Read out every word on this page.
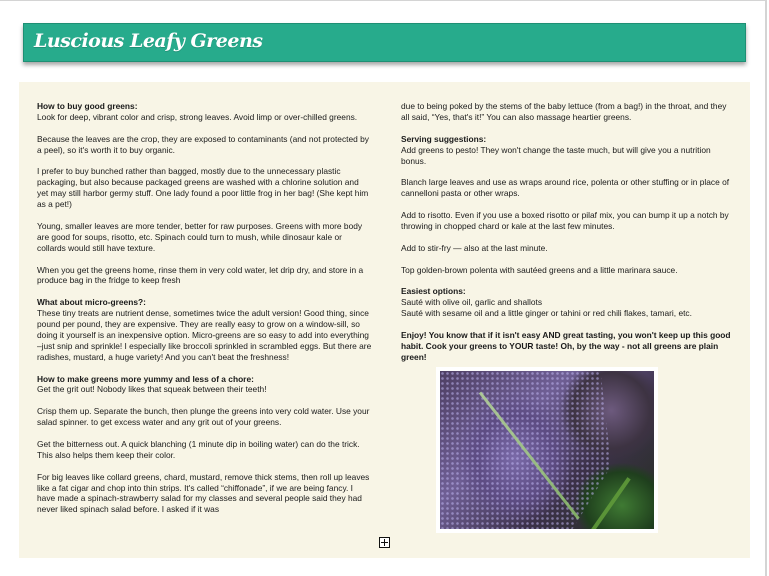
Luscious Leafy Greens
How to buy good greens:
Look for deep, vibrant color and crisp, strong leaves. Avoid limp or over-chilled greens.
Because the leaves are the crop, they are exposed to contaminants (and not protected by a peel), so it's worth it to buy organic.
I prefer to buy bunched rather than bagged, mostly due to the unnecessary plastic packaging, but also because packaged greens are washed with a chlorine solution and yet may still harbor germy stuff. One lady found a poor little frog in her bag! (She kept him as a pet!)
Young, smaller leaves are more tender, better for raw purposes. Greens with more body are good for soups, risotto, etc. Spinach could turn to mush, while dinosaur kale or collards would still have texture.
When you get the greens home, rinse them in very cold water, let drip dry, and store in a produce bag in the fridge to keep fresh
What about micro-greens?:
These tiny treats are nutrient dense, sometimes twice the adult version! Good thing, since pound per pound, they are expensive. They are really easy to grow on a window-sill, so doing it yourself is an inexpensive option. Micro-greens are so easy to add into everything –just snip and sprinkle! I especially like broccoli sprinkled in scrambled eggs. But there are radishes, mustard, a huge variety! And you can't beat the freshness!
How to make greens more yummy and less of a chore:
Get the grit out! Nobody likes that squeak between their teeth!
Crisp them up. Separate the bunch, then plunge the greens into very cold water. Use your salad spinner. to get excess water and any grit out of your greens.
Get the bitterness out. A quick blanching (1 minute dip in boiling water) can do the trick. This also helps them keep their color.
For big leaves like collard greens, chard, mustard, remove thick stems, then roll up leaves like a fat cigar and chop into thin strips. It's called “chiffonade”, if we are being fancy. I have made a spinach-strawberry salad for my classes and several people said they had never liked spinach salad before. I asked if it was
due to being poked by the stems of the baby lettuce (from a bag!) in the throat, and they all said, “Yes, that's it!” You can also massage heartier greens.
Serving suggestions:
Add greens to pesto! They won't change the taste much, but will give you a nutrition bonus.
Blanch large leaves and use as wraps around rice, polenta or other stuffing or in place of cannelloni pasta or other wraps.
Add to risotto. Even if you use a boxed risotto or pilaf mix, you can bump it up a notch by throwing in chopped chard or kale at the last few minutes.
Add to stir-fry — also at the last minute.
Top golden-brown polenta with sautéed greens and a little marinara sauce.
Easiest options:
Sauté with olive oil, garlic and shallots
Sauté with sesame oil and a little ginger or tahini or red chili flakes, tamari, etc.
Enjoy! You know that if it isn't easy AND great tasting, you won't keep up this good habit. Cook your greens to YOUR taste! Oh, by the way - not all greens are plain green!
